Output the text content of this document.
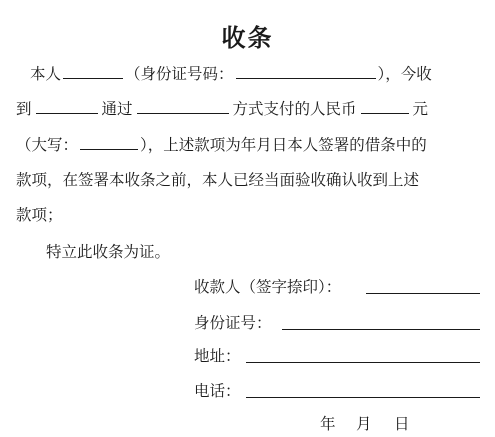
收条
本人	（身份证号码：	），今收
到	通过	方式支付的人民币	元
（大写：	），上述款项为年月日本人签署的借条中的
款项，在签署本收条之前，本人已经当面验收确认收到上述
款项；
特立此收条为证。
收款人（签字捺印）：
身份证号：
地址：
电话：
年 月 日
